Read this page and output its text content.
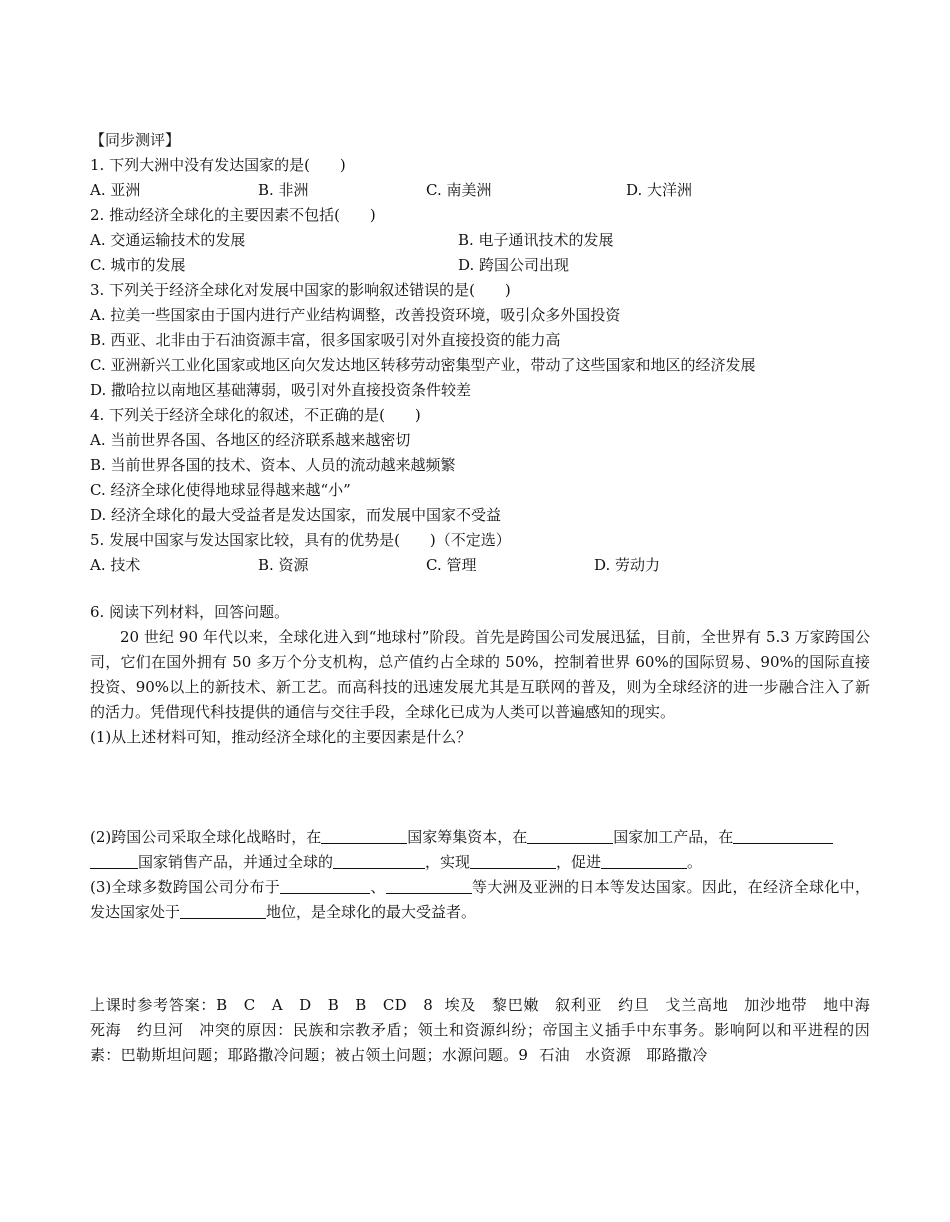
【同步测评】
1. 下列大洲中没有发达国家的是(　　)
A. 亚洲	B. 非洲	C. 南美洲	D. 大洋洲
2. 推动经济全球化的主要因素不包括(　　)
A. 交通运输技术的发展	B. 电子通讯技术的发展
C. 城市的发展	D. 跨国公司出现
3. 下列关于经济全球化对发展中国家的影响叙述错误的是(　　)
A. 拉美一些国家由于国内进行产业结构调整，改善投资环境，吸引众多外国投资
B. 西亚、北非由于石油资源丰富，很多国家吸引对外直接投资的能力高
C. 亚洲新兴工业化国家或地区向欠发达地区转移劳动密集型产业，带动了这些国家和地区的经济发展
D. 撒哈拉以南地区基础薄弱，吸引对外直接投资条件较差
4. 下列关于经济全球化的叙述，不正确的是(　　)
A. 当前世界各国、各地区的经济联系越来越密切
B. 当前世界各国的技术、资本、人员的流动越来越频繁
C. 经济全球化使得地球显得越来越“小”
D. 经济全球化的最大受益者是发达国家，而发展中国家不受益
5. 发展中国家与发达国家比较，具有的优势是(　　)（不定选）
A. 技术	B. 资源	C. 管理	D. 劳动力
6. 阅读下列材料，回答问题。
20 世纪 90 年代以来，全球化进入到“地球村”阶段。首先是跨国公司发展迅猛，目前，全世界有 5.3 万家跨国公司，它们在国外拥有 50 多万个分支机构，总产值约占全球的 50%，控制着世界 60%的国际贸易、90%的国际直接投资、90%以上的新技术、新工艺。而高科技的迅速发展尤其是互联网的普及，则为全球经济的进一步融合注入了新的活力。凭借现代科技提供的通信与交往手段，全球化已成为人类可以普遍感知的现实。
(1)从上述材料可知，推动经济全球化的主要因素是什么？
(2)跨国公司采取全球化战略时，在	国家筹集资本，在	国家加工产品，在
国家销售产品，并通过全球的	，实现	，促进	。
(3)全球多数跨国公司分布于	、	等大洲及亚洲的日本等发达国家。因此，在经济全球化中，发达国家处于	地位，是全球化的最大受益者。
上课时参考答案：B　C　A　D　B　B　CD　8 埃及　黎巴嫩　叙利亚　约旦　戈兰高地　加沙地带　地中海　死海　约旦河　冲突的原因：民族和宗教矛盾；领土和资源纠纷；帝国主义插手中东事务。影响阿以和平进程的因素：巴勒斯坦问题；耶路撒冷问题；被占领土问题；水源问题。9 石油　水资源　耶路撒冷
